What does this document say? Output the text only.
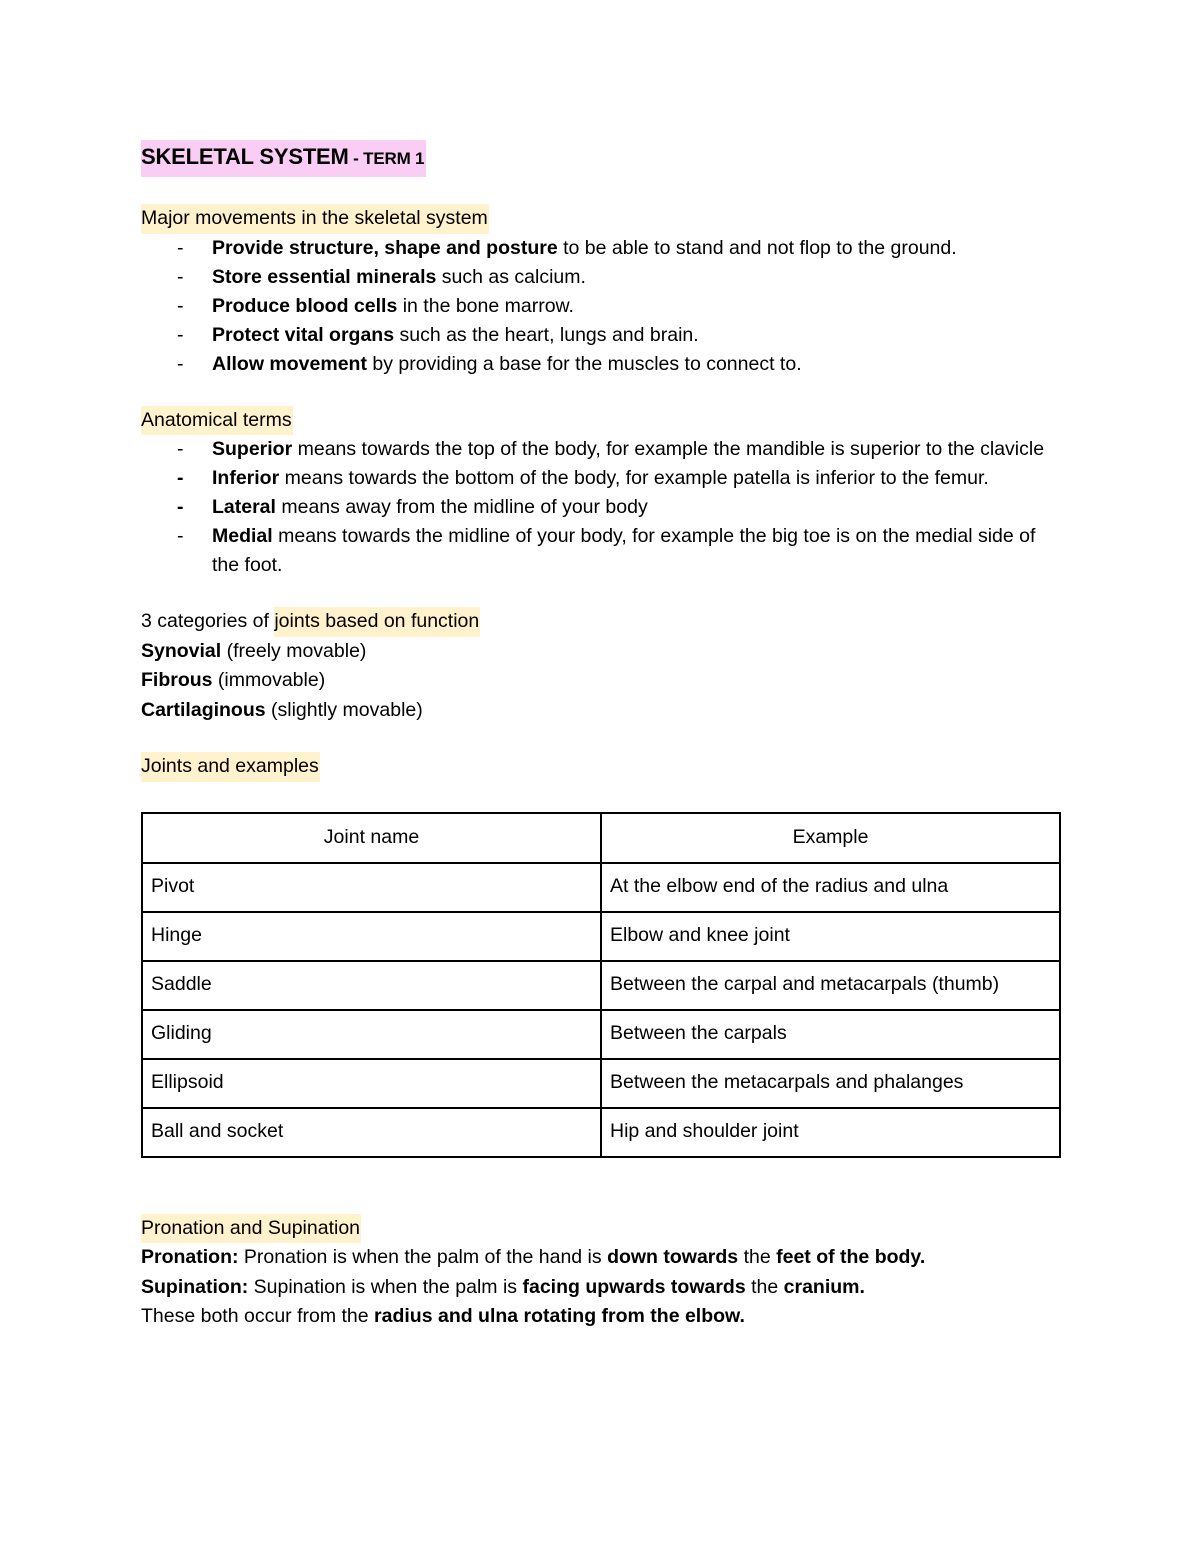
SKELETAL SYSTEM - TERM 1
Major movements in the skeletal system
- Provide structure, shape and posture to be able to stand and not flop to the ground.
- Store essential minerals such as calcium.
- Produce blood cells in the bone marrow.
- Protect vital organs such as the heart, lungs and brain.
- Allow movement by providing a base for the muscles to connect to.
Anatomical terms
- Superior means towards the top of the body, for example the mandible is superior to the clavicle
- Inferior means towards the bottom of the body, for example patella is inferior to the femur.
- Lateral means away from the midline of your body
- Medial means towards the midline of your body, for example the big toe is on the medial side of the foot.
3 categories of joints based on function
Synovial (freely movable)
Fibrous (immovable)
Cartilaginous (slightly movable)
Joints and examples
Joint name	Example
Pivot	At the elbow end of the radius and ulna
Hinge	Elbow and knee joint
Saddle	Between the carpal and metacarpals (thumb)
Gliding	Between the carpals
Ellipsoid	Between the metacarpals and phalanges
Ball and socket	Hip and shoulder joint
Pronation and Supination
Pronation: Pronation is when the palm of the hand is down towards the feet of the body.
Supination: Supination is when the palm is facing upwards towards the cranium.
These both occur from the radius and ulna rotating from the elbow.
